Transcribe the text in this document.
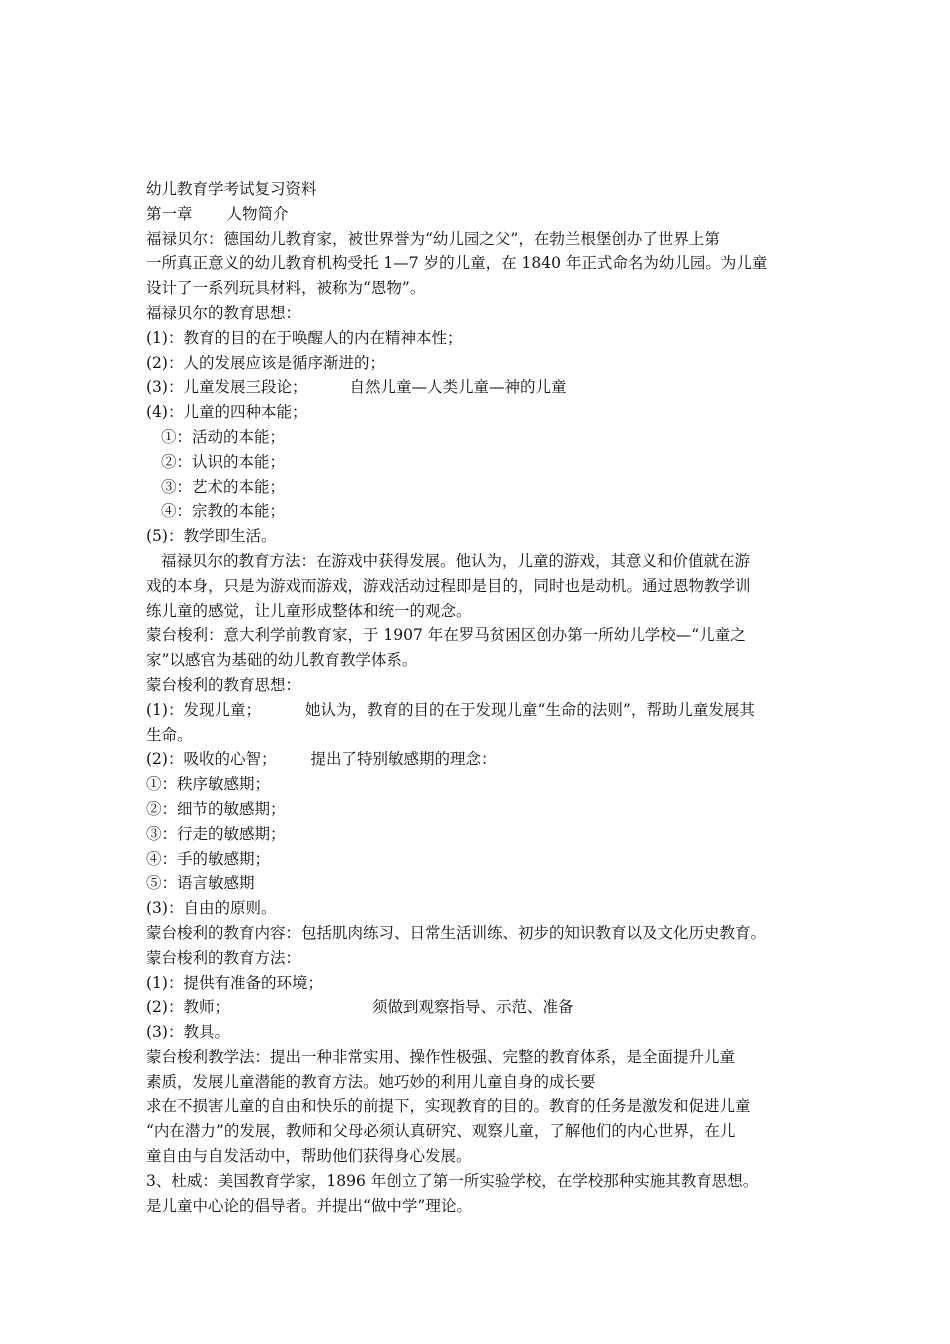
幼儿教育学考试复习资料
第一章 人物简介
福禄贝尔：德国幼儿教育家，被世界誉为“幼儿园之父”，在勃兰根堡创办了世界上第
一所真正意义的幼儿教育机构受托 1—7 岁的儿童，在 1840 年正式命名为幼儿园。为儿童
设计了一系列玩具材料，被称为“恩物”。
福禄贝尔的教育思想：
(1)：教育的目的在于唤醒人的内在精神本性；
(2)：人的发展应该是循序渐进的；
(3)：儿童发展三段论；	自然儿童—人类儿童—神的儿童
(4)：儿童的四种本能；
①：活动的本能；
②：认识的本能；
③：艺术的本能；
④：宗教的本能；
(5)：教学即生活。
福禄贝尔的教育方法：在游戏中获得发展。他认为，儿童的游戏，其意义和价值就在游
戏的本身，只是为游戏而游戏，游戏活动过程即是目的，同时也是动机。通过恩物教学训
练儿童的感觉，让儿童形成整体和统一的观念。
蒙台梭利：意大利学前教育家，于 1907 年在罗马贫困区创办第一所幼儿学校—“儿童之
家”以感官为基础的幼儿教育教学体系。
蒙台梭利的教育思想：
(1)：发现儿童；	她认为，教育的目的在于发现儿童“生命的法则”，帮助儿童发展其
生命。
(2)：吸收的心智； 提出了特别敏感期的理念：
①：秩序敏感期；
②：细节的敏感期；
③：行走的敏感期；
④：手的敏感期；
⑤：语言敏感期
(3)：自由的原则。
蒙台梭利的教育内容：包括肌肉练习、日常生活训练、初步的知识教育以及文化历史教育。
蒙台梭利的教育方法：
(1)：提供有准备的环境；
(2)：教师；	须做到观察指导、示范、准备
(3)：教具。
蒙台梭利教学法：提出一种非常实用、操作性极强、完整的教育体系，是全面提升儿童
素质，发展儿童潜能的教育方法。她巧妙的利用儿童自身的成长要
求在不损害儿童的自由和快乐的前提下，实现教育的目的。教育的任务是激发和促进儿童
“内在潜力”的发展，教师和父母必须认真研究、观察儿童，了解他们的内心世界，在儿
童自由与自发活动中，帮助他们获得身心发展。
3、杜威：美国教育学家，1896 年创立了第一所实验学校，在学校那种实施其教育思想。
是儿童中心论的倡导者。并提出“做中学”理论。
